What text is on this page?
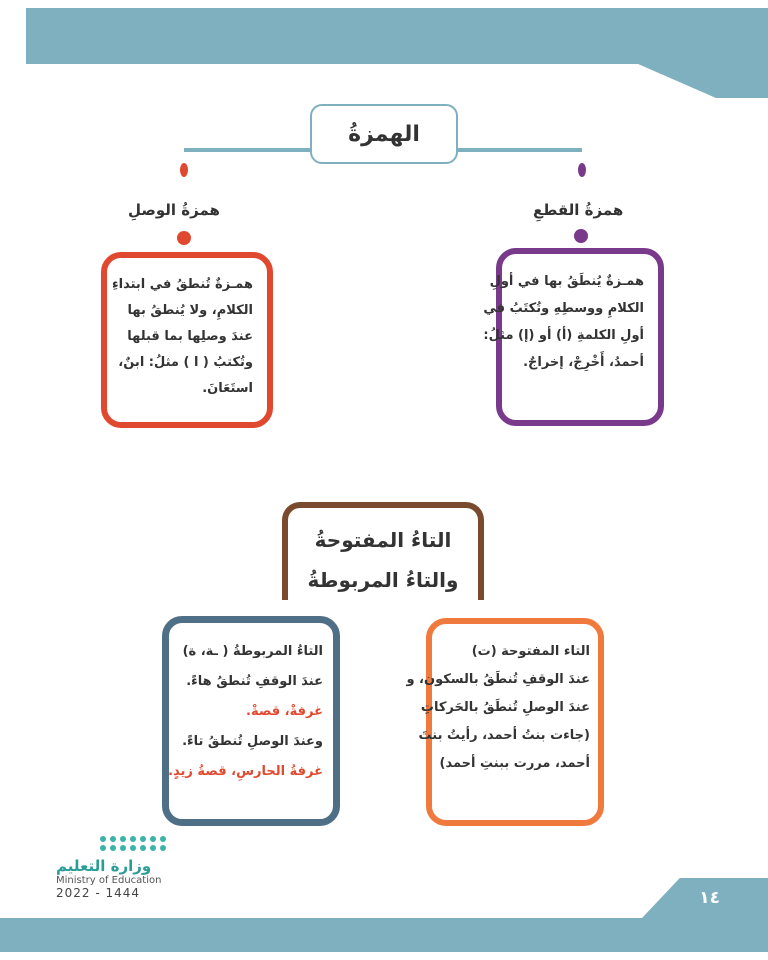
الهمزةُ
همزةُ القطعِ
همزةُ الوصلِ

همـزةٌ يُنطَقُ بها في أولِ

الكلامِ ووسطِهِ وتُكتَبُ في

أولِ الكلمةِ (أ) أو (إ) مثلُ:

أحمدُ، أَخْرِجْ، إخراجٌ.

همـزةٌ تُنطقُ في ابتداءِ

الكلامِ، ولا يُنطقُ بها

عندَ وصلِها بما قبلها

وتُكتبُ ( ا ) مثلُ: ابنٌ،

استَعَانَ.

التاءُ المفتوحةُ
والتاءُ المربوطةُ

التاء المفتوحة (ت)

عندَ الوقفِ تُنطَقُ بالسكون، و

عندَ الوصلِ تُنطَقُ بالحَركاتِ

(جاءت بنتُ أحمد، رأيتُ بنتَ

أحمد، مررت ببنتِ أحمد)

التاءُ المربوطةُ ( ـة، ة)

عندَ الوقفِ تُنطقُ هاءً.

غرفةْ، قصةْ.

وعندَ الوصلِ تُنطقُ تاءً.

غرفةُ الحارسِ، قصةُ زيدٍ.

وزارة التعليم
Ministry of Education
2022 - 1444	١٤
